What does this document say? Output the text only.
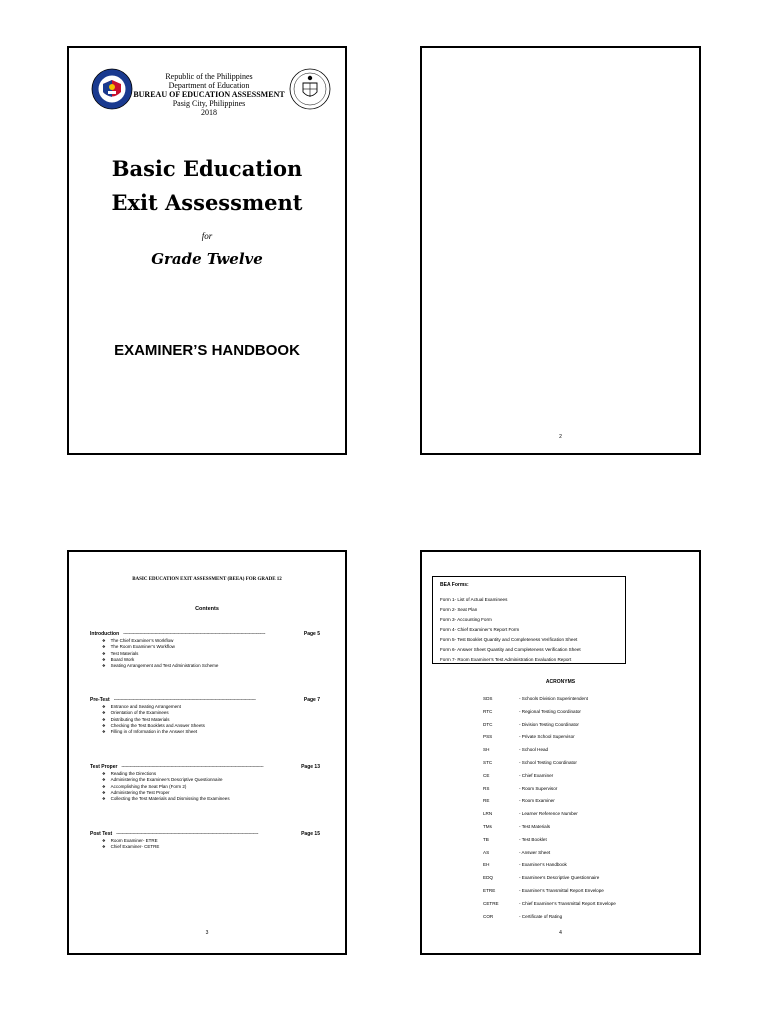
Republic of the Philippines
Department of Education
BUREAU OF EDUCATION ASSESSMENT
Pasig City, Philippines
2018
Basic Education
Exit Assessment
for
Grade Twelve
EXAMINER’S HANDBOOK
2
BASIC EDUCATION EXIT ASSESSMENT (BEEA) FOR GRADE 12
Contents
Introduction --------------------------------------------------------------------------------------------------------	Page 5
❖ The Chief Examiner’s Workflow
❖ The Room Examiner’s Workflow
❖ Test Materials
❖ Board Work
❖ Seating Arrangement and Test Administration Scheme
Pre-Test --------------------------------------------------------------------------------------------------------	Page 7
❖ Entrance and Seating Arrangement
❖ Orientation of the Examinees
❖ Distributing the Test Materials
❖ Checking the Test Booklets and Answer Sheets
❖ Filling in of Information in the Answer Sheet
Test Proper --------------------------------------------------------------------------------------------------------	Page 13
❖ Reading the Directions
❖ Administering the Examinee’s Descriptive Questionnaire
❖ Accomplishing the Seat Plan (Form 2)
❖ Administering the Test Proper
❖ Collecting the Test Materials and Dismissing the Examinees
Post Test --------------------------------------------------------------------------------------------------------	Page 15
❖ Room Examiner- ETRE
❖ Chief Examiner- CETRE
3
BEA Forms:
Form 1- List of Actual Examinees
Form 2- Seat Plan
Form 3- Accounting Form
Form 4- Chief Examiner’s Report Form
Form 5- Test Booklet Quantity and Completeness Verification Sheet
Form 6- Answer Sheet Quantity and Completeness Verification Sheet
Form 7- Room Examiner’s Test Administration Evaluation Report
ACRONYMS
SDS	- Schools Division Superintendent
RTC	- Regional Testing Coordinator
DTC	- Division Testing Coordinator
PSS	- Private School Supervisor
SH	- School Head
STC	- School Testing Coordinator
CE	- Chief Examiner
RS	- Room Supervisor
RE	- Room Examiner
LRN	- Learner Reference Number
TMs	- Test Materials
TB	- Test Booklet
AS	- Answer Sheet
EH	- Examiner’s Handbook
EDQ	- Examinee’s Descriptive Questionnaire
ETRE	- Examiner’s Transmittal Report Envelope
CETRE	- Chief Examiner’s Transmittal Report Envelope
COR	- Certificate of Rating
4
